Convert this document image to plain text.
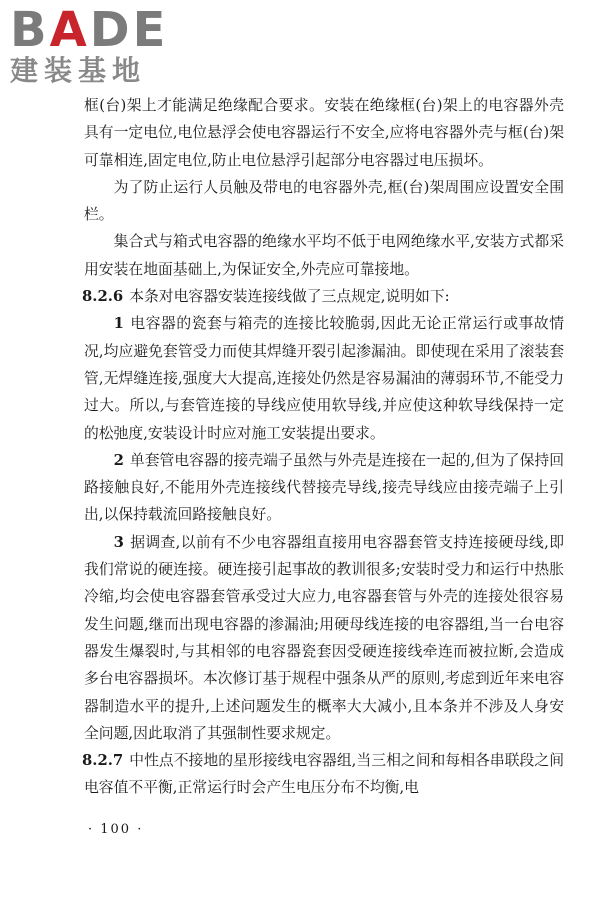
BADE
建装基地

框(台)架上才能满足绝缘配合要求。安装在绝缘框(台)架上的电容器外壳具有一定电位,电位悬浮会使电容器运行不安全,应将电容器外壳与框(台)架可靠相连,固定电位,防止电位悬浮引起部分电容器过电压损坏。

为了防止运行人员触及带电的电容器外壳,框(台)架周围应设置安全围栏。

集合式与箱式电容器的绝缘水平均不低于电网绝缘水平,安装方式都采用安装在地面基础上,为保证安全,外壳应可靠接地。

8.2.6 本条对电容器安装连接线做了三点规定,说明如下:

1 电容器的瓷套与箱壳的连接比较脆弱,因此无论正常运行或事故情况,均应避免套管受力而使其焊缝开裂引起渗漏油。即使现在采用了滚装套管,无焊缝连接,强度大大提高,连接处仍然是容易漏油的薄弱环节,不能受力过大。所以,与套管连接的导线应使用软导线,并应使这种软导线保持一定的松弛度,安装设计时应对施工安装提出要求。

2 单套管电容器的接壳端子虽然与外壳是连接在一起的,但为了保持回路接触良好,不能用外壳连接线代替接壳导线,接壳导线应由接壳端子上引出,以保持载流回路接触良好。

3 据调查,以前有不少电容器组直接用电容器套管支持连接硬母线,即我们常说的硬连接。硬连接引起事故的教训很多;安装时受力和运行中热胀冷缩,均会使电容器套管承受过大应力,电容器套管与外壳的连接处很容易发生问题,继而出现电容器的渗漏油;用硬母线连接的电容器组,当一台电容器发生爆裂时,与其相邻的电容器瓷套因受硬连接线牵连而被拉断,会造成多台电容器损坏。本次修订基于规程中强条从严的原则,考虑到近年来电容器制造水平的提升,上述问题发生的概率大大减小,且本条并不涉及人身安全问题,因此取消了其强制性要求规定。

8.2.7 中性点不接地的星形接线电容器组,当三相之间和每相各串联段之间电容值不平衡,正常运行时会产生电压分布不均衡,电

· 100 ·
